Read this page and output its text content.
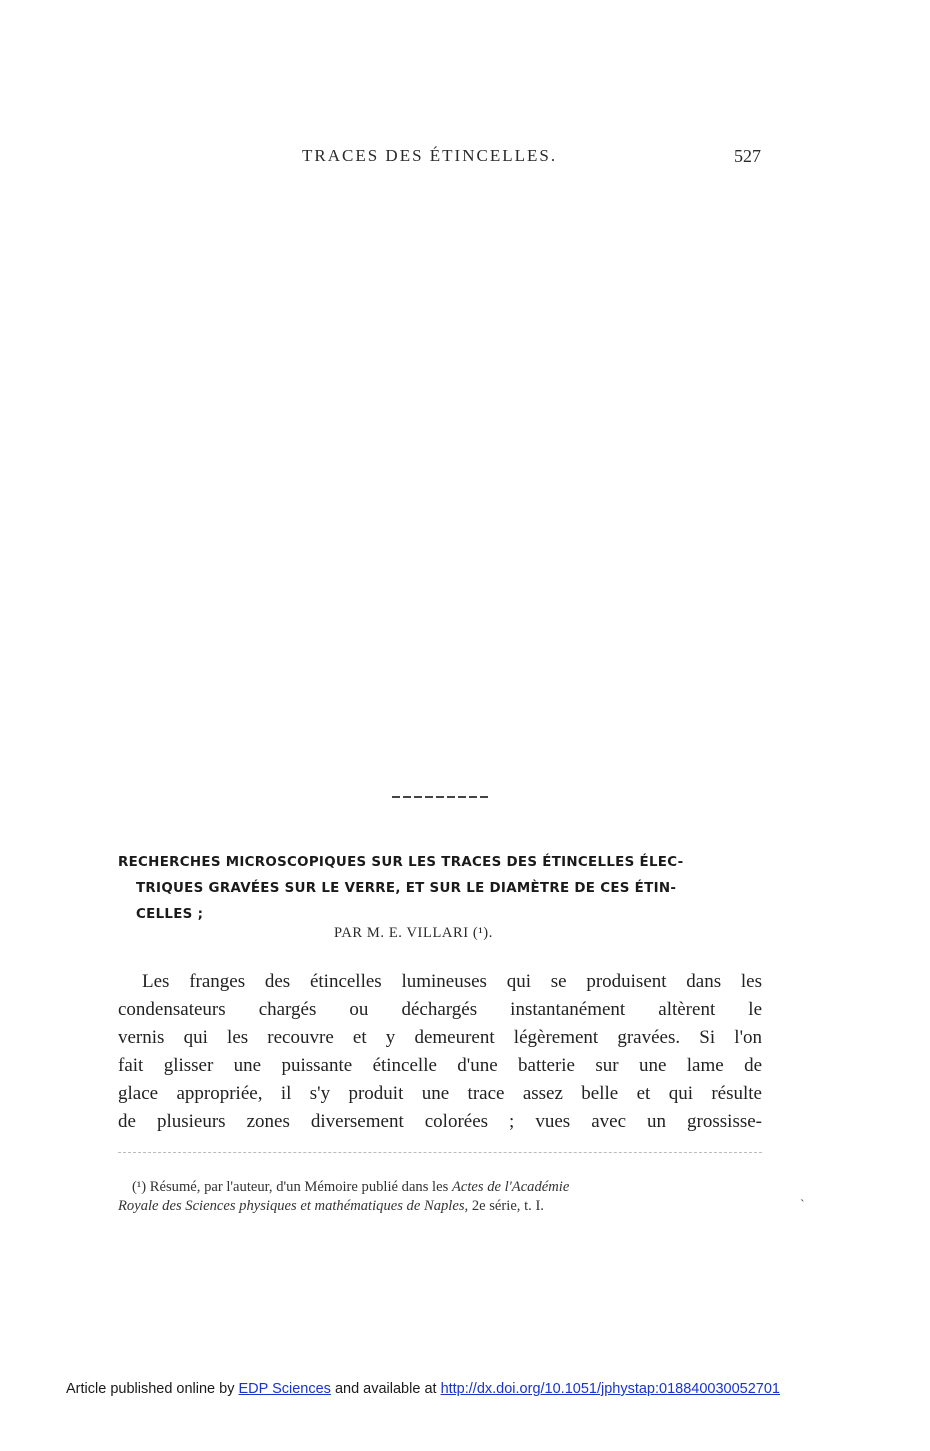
TRACES DES ÉTINCELLES.	527
RECHERCHES MICROSCOPIQUES SUR LES TRACES DES ÉTINCELLES ÉLEC-
TRIQUES GRAVÉES SUR LE VERRE, ET SUR LE DIAMÈTRE DE CES ÉTIN-
CELLES ;
PAR M. E. VILLARI (¹).
Les franges des étincelles lumineuses qui se produisent dans les
condensateurs chargés ou déchargés instantanément altèrent le
vernis qui les recouvre et y demeurent légèrement gravées. Si l'on
fait glisser une puissante étincelle d'une batterie sur une lame de
glace appropriée, il s'y produit une trace assez belle et qui résulte
de plusieurs zones diversement colorées ; vues avec un grossisse-
(¹) Résumé, par l'auteur, d'un Mémoire publié dans les Actes de l'Académie
Royale des Sciences physiques et mathématiques de Naples, 2e série, t. I.	ˋ
Article published online by EDP Sciences and available at http://dx.doi.org/10.1051/jphystap:018840030052701
